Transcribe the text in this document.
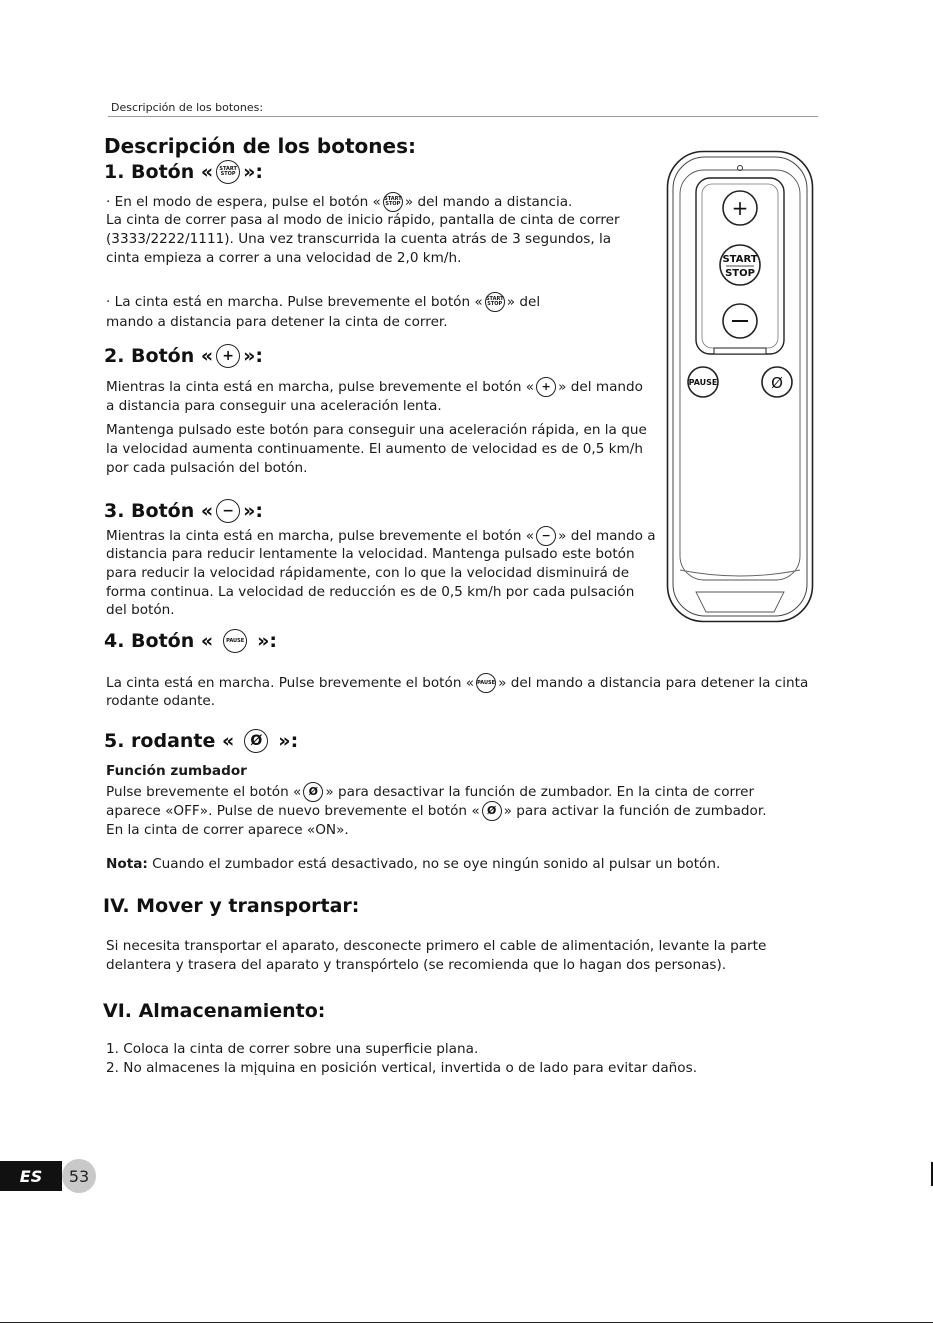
Descripción de los botones:
Descripción de los botones:
1. Botón « START
STOP »:

· En el modo de espera, pulse el botón « START
STOP » del mando a distancia.

La cinta de correr pasa al modo de inicio rápido, pantalla de cinta de correr

(3333/2222/1111). Una vez transcurrida la cuenta atrás de 3 segundos, la

cinta empieza a correr a una velocidad de 2,0 km/h.

· La cinta está en marcha. Pulse brevemente el botón « START
STOP » del

mando a distancia para detener la cinta de correr.

2. Botón « + »:

Mientras la cinta está en marcha, pulse brevemente el botón « + » del mando

a distancia para conseguir una aceleración lenta.

Mantenga pulsado este botón para conseguir una aceleración rápida, en la que

la velocidad aumenta continuamente. El aumento de velocidad es de 0,5 km/h

por cada pulsación del botón.

3. Botón « − »:

Mientras la cinta está en marcha, pulse brevemente el botón « − » del mando a

distancia para reducir lentamente la velocidad. Mantenga pulsado este botón

para reducir la velocidad rápidamente, con lo que la velocidad disminuirá de

forma continua. La velocidad de reducción es de 0,5 km/h por cada pulsación

del botón.

4. Botón «	PAUSE »:

La cinta está en marcha. Pulse brevemente el botón « PAUSE » del mando a distancia para detener la cinta

rodante odante.

5. rodante «	Ø »:

Función zumbador

Pulse brevemente el botón « Ø » para desactivar la función de zumbador. En la cinta de correr

aparece «OFF». Pulse de nuevo brevemente el botón « Ø » para activar la función de zumbador.

En la cinta de correr aparece «ON».

Nota: Cuando el zumbador está desactivado, no se oye ningún sonido al pulsar un botón.

IV. Mover y transportar:

Si necesita transportar el aparato, desconecte primero el cable de alimentación, levante la parte

delantera y trasera del aparato y transpórtelo (se recomienda que lo hagan dos personas).

VI. Almacenamiento:

1. Coloca la cinta de correr sobre una superficie plana.

2. No almacenes la mįquina en posición vertical, invertida o de lado para evitar daños.

+
START
STOP
PAUSE	Ø
ES	53
